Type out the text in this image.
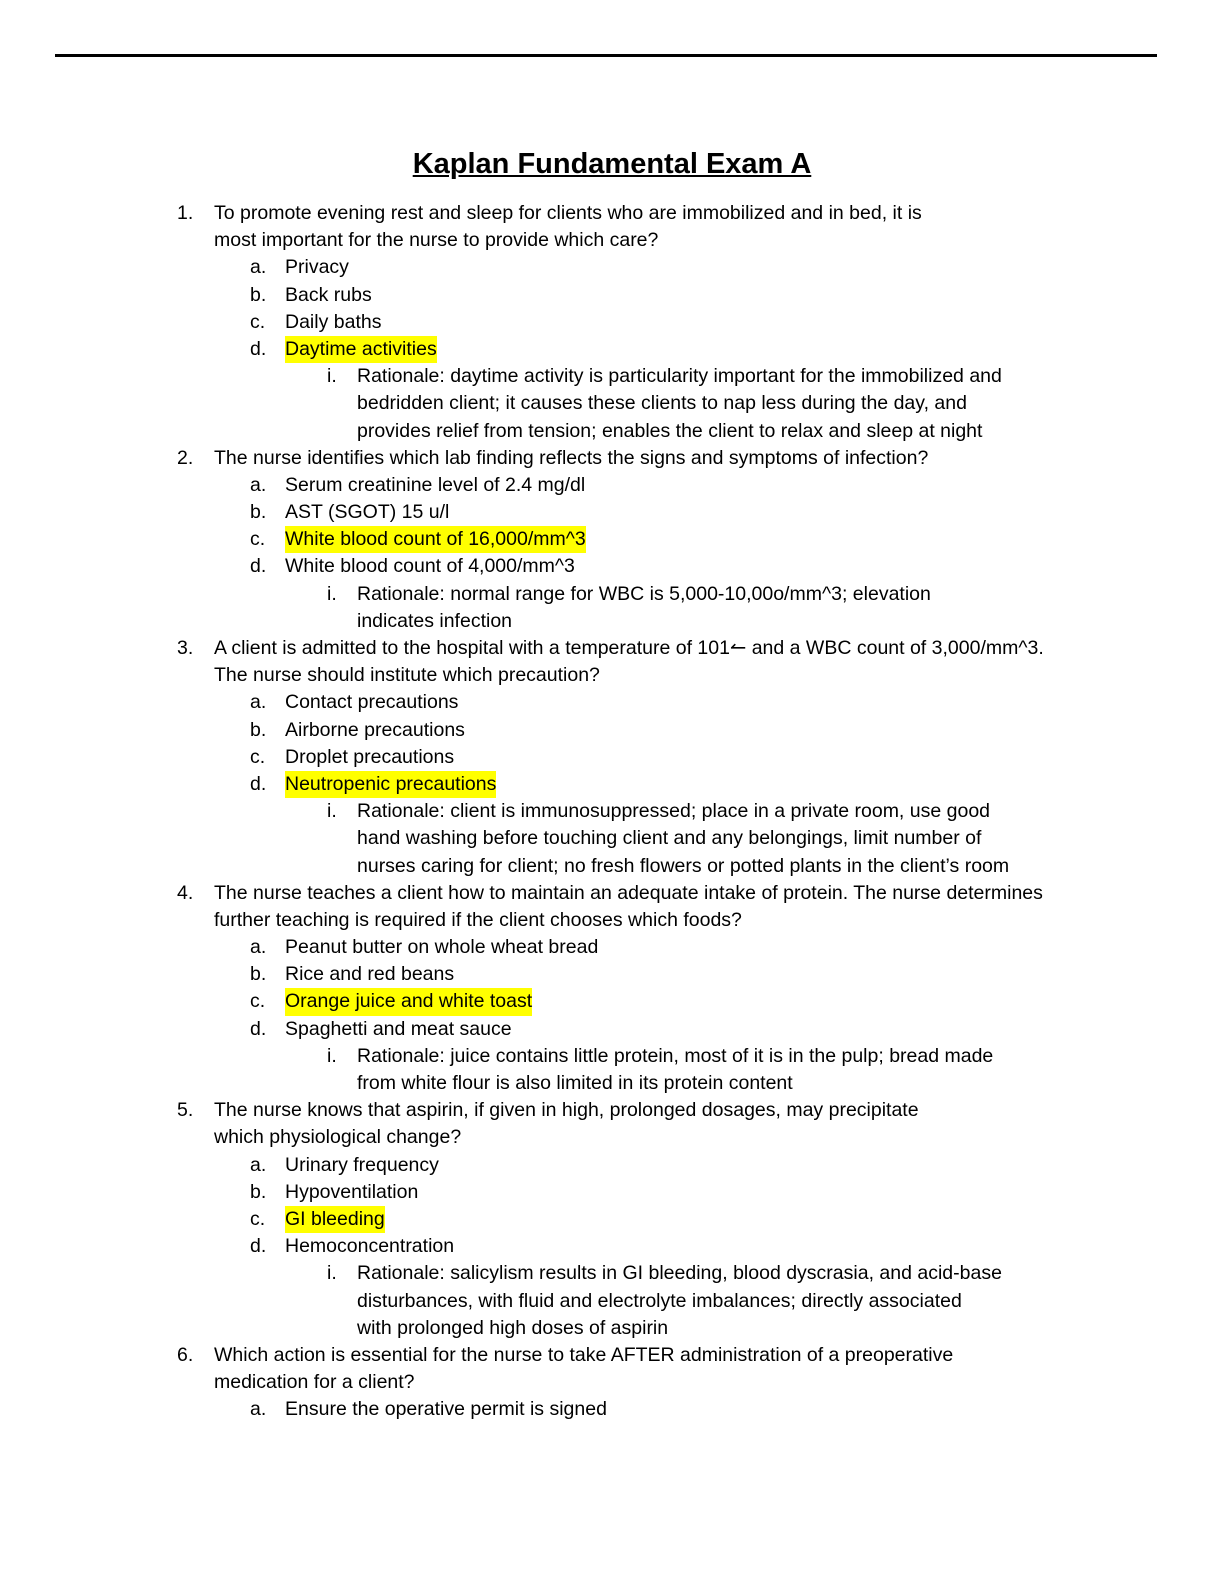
Kaplan Fundamental Exam A
1. To promote evening rest and sleep for clients who are immobilized and in bed, it is
most important for the nurse to provide which care?
a. Privacy
b. Back rubs
c. Daily baths
d. Daytime activities
i. Rationale: daytime activity is particularity important for the immobilized and
bedridden client; it causes these clients to nap less during the day, and
provides relief from tension; enables the client to relax and sleep at night
2. The nurse identifies which lab finding reflects the signs and symptoms of infection?
a. Serum creatinine level of 2.4 mg/dl
b. AST (SGOT) 15 u/l
c. White blood count of 16,000/mm^3
d. White blood count of 4,000/mm^3
i. Rationale: normal range for WBC is 5,000-10,00o/mm^3; elevation
indicates infection
3. A client is admitted to the hospital with a temperature of 101↼ and a WBC count of 3,000/mm^3.
The nurse should institute which precaution?
a. Contact precautions
b. Airborne precautions
c. Droplet precautions
d. Neutropenic precautions
i. Rationale: client is immunosuppressed; place in a private room, use good
hand washing before touching client and any belongings, limit number of
nurses caring for client; no fresh flowers or potted plants in the client’s room
4. The nurse teaches a client how to maintain an adequate intake of protein. The nurse determines
further teaching is required if the client chooses which foods?
a. Peanut butter on whole wheat bread
b. Rice and red beans
c. Orange juice and white toast
d. Spaghetti and meat sauce
i. Rationale: juice contains little protein, most of it is in the pulp; bread made
from white flour is also limited in its protein content
5. The nurse knows that aspirin, if given in high, prolonged dosages, may precipitate
which physiological change?
a. Urinary frequency
b. Hypoventilation
c. GI bleeding
d. Hemoconcentration
i. Rationale: salicylism results in GI bleeding, blood dyscrasia, and acid-base
disturbances, with fluid and electrolyte imbalances; directly associated
with prolonged high doses of aspirin
6. Which action is essential for the nurse to take AFTER administration of a preoperative
medication for a client?
a. Ensure the operative permit is signed
